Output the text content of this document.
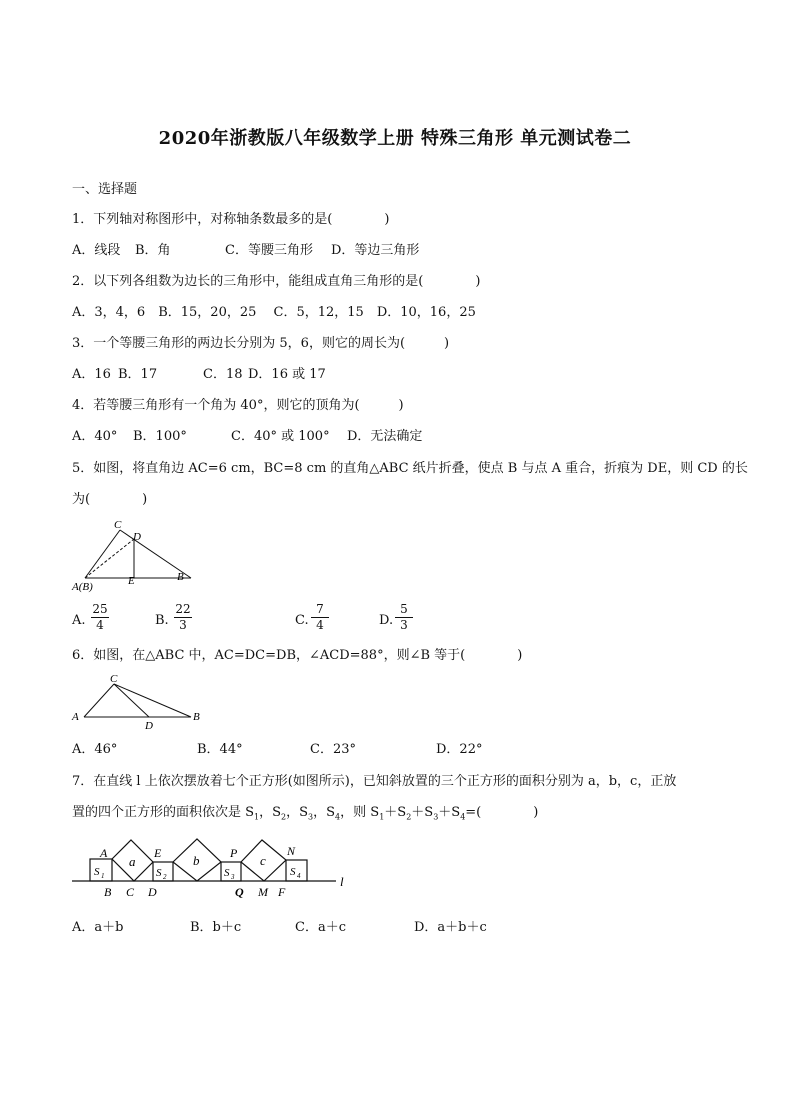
2020年浙教版八年级数学上册 特殊三角形 单元测试卷二
一、选择题
1．下列轴对称图形中，对称轴条数最多的是(　　　　)
A．线段 B．角	C．等腰三角形 D．等边三角形
2．以下列各组数为边长的三角形中，能组成直角三角形的是(　　　　)
A．3，4，6　B．15，20，25　 C．5，12，15　D．10，16，25
3．一个等腰三角形的两边长分别为 5，6，则它的周长为(　　　)
A．16 B．17	C．18 D．16 或 17
4．若等腰三角形有一个角为 40°，则它的顶角为(　　　)
A．40° B．100°	C．40° 或 100° D．无法确定
5．如图，将直角边 AC=6 cm，BC=8 cm 的直角△ABC 纸片折叠，使点 B 与点 A 重合，折痕为 DE，则 CD 的长
为(　　　　)
C
D
A(B)	E	B
A.
25
4	B.
22
3	C.
7
4	D.
5
3
6．如图，在△ABC 中，AC=DC=DB，∠ACD=88°，则∠B 等于(　　　　)
C
A
D
B
A．46°	B．44°	C．23°	D．22°
7．在直线 l 上依次摆放着七个正方形(如图所示)，已知斜放置的三个正方形的面积分别为 a，b，c，正放
置的四个正方形的面积依次是 $S_1$，$S_2$，$S_3$，$S_4$，则 $S_1+S_2+S_3+S_4=$(　　　　)
A	E	P	N
a	b	c
S 1	S 2	S 3	S 4
B C D	Q M F
l
A．a＋b	B．b＋c	C．a＋c	D．a＋b＋c
